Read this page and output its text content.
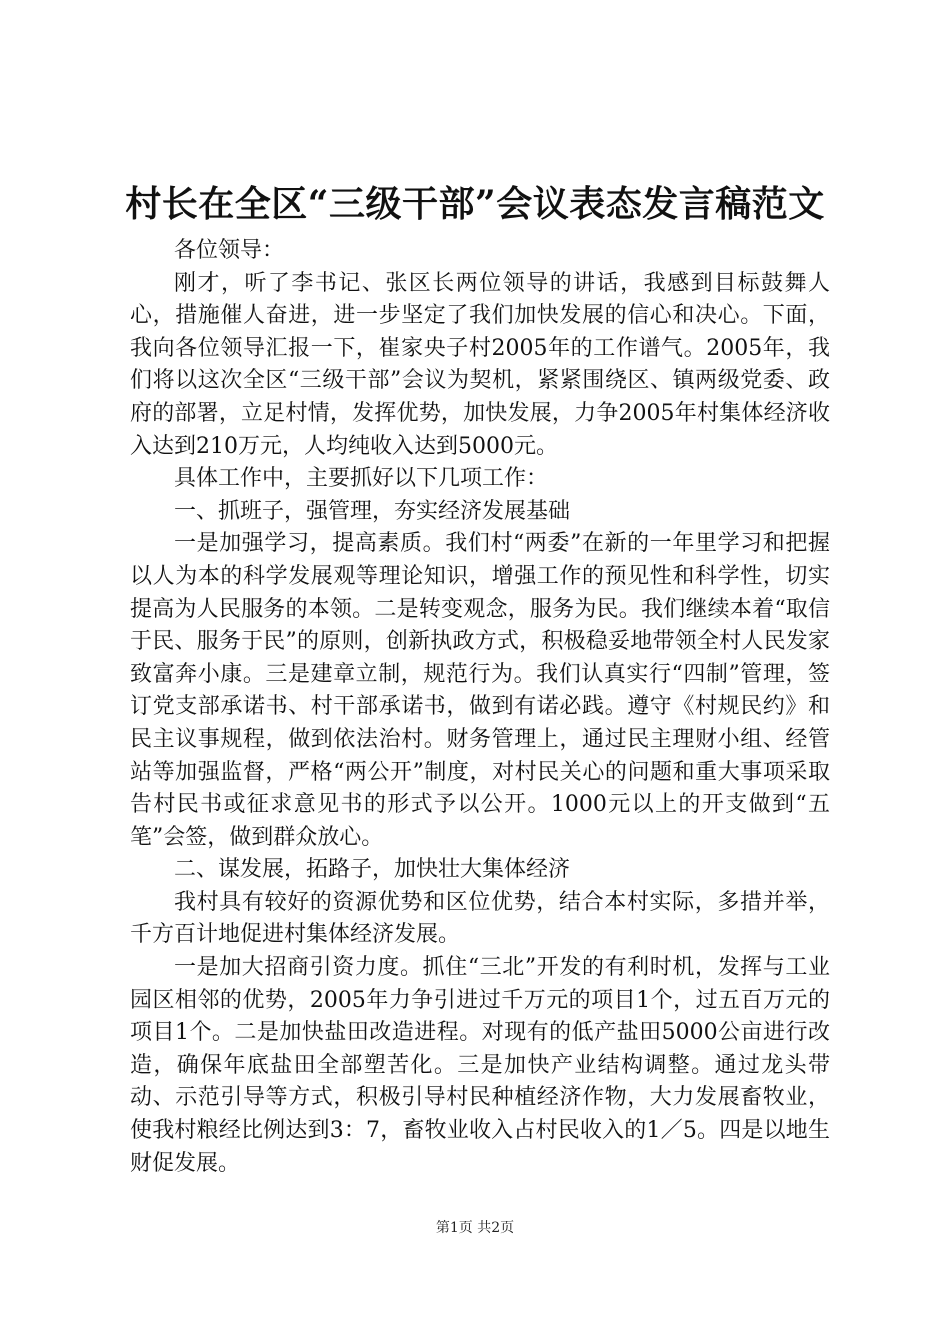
村长在全区“三级干部”会议表态发言稿范文

各位领导：

刚才，听了李书记、张区长两位领导的讲话，我感到目标鼓舞人心，措施催人奋进，进一步坚定了我们加快发展的信心和决心。下面，我向各位领导汇报一下，崔家央子村2005年的工作谱气。2005年，我们将以这次全区“三级干部”会议为契机，紧紧围绕区、镇两级党委、政府的部署，立足村情，发挥优势，加快发展，力争2005年村集体经济收入达到210万元，人均纯收入达到5000元。

具体工作中，主要抓好以下几项工作：

一、抓班子，强管理，夯实经济发展基础

一是加强学习，提高素质。我们村“两委”在新的一年里学习和把握以人为本的科学发展观等理论知识，增强工作的预见性和科学性，切实提高为人民服务的本领。二是转变观念，服务为民。我们继续本着“取信于民、服务于民”的原则，创新执政方式，积极稳妥地带领全村人民发家致富奔小康。三是建章立制，规范行为。我们认真实行“四制”管理，签订党支部承诺书、村干部承诺书，做到有诺必践。遵守《村规民约》和民主议事规程，做到依法治村。财务管理上，通过民主理财小组、经管站等加强监督，严格“两公开”制度，对村民关心的问题和重大事项采取告村民书或征求意见书的形式予以公开。1000元以上的开支做到“五笔”会签，做到群众放心。

二、谋发展，拓路子，加快壮大集体经济

我村具有较好的资源优势和区位优势，结合本村实际，多措并举，千方百计地促进村集体经济发展。

一是加大招商引资力度。抓住“三北”开发的有利时机，发挥与工业园区相邻的优势，2005年力争引进过千万元的项目1个，过五百万元的项目1个。二是加快盐田改造进程。对现有的低产盐田5000公亩进行改造，确保年底盐田全部塑苦化。三是加快产业结构调整。通过龙头带动、示范引导等方式，积极引导村民种植经济作物，大力发展畜牧业，使我村粮经比例达到3：7，畜牧业收入占村民收入的1／5。四是以地生财促发展。

第1页 共2页
